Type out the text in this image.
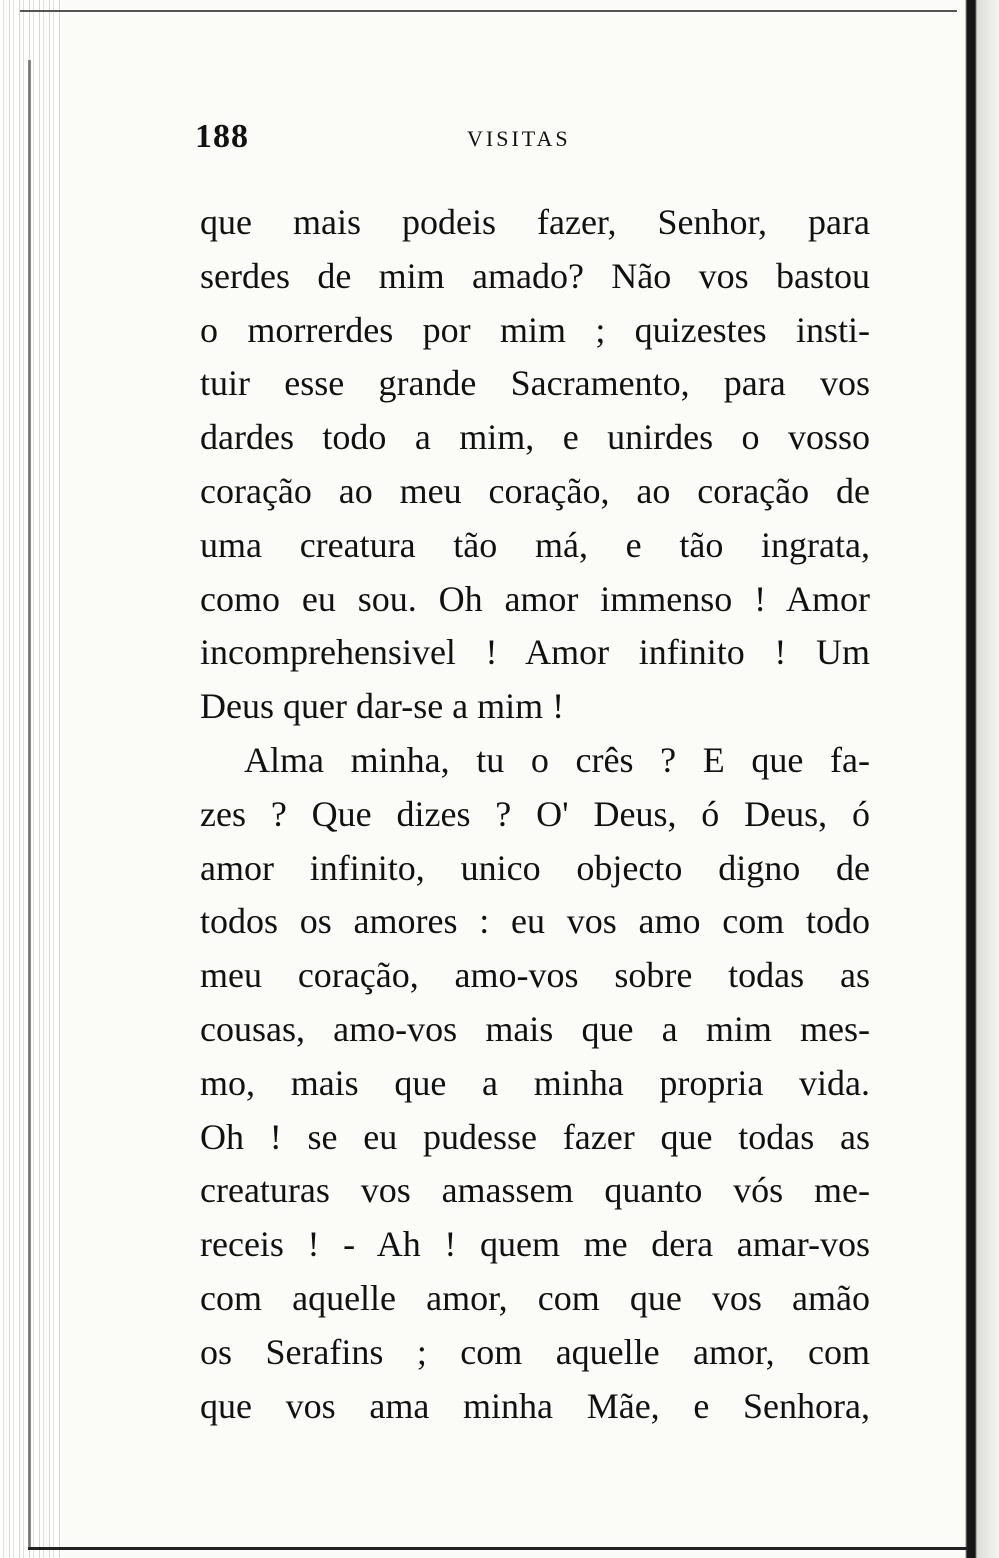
188	VISITAS
que mais podeis fazer, Senhor, para
serdes de mim amado? Não vos bastou
o morrerdes por mim ; quizestes insti-
tuir esse grande Sacramento, para vos
dardes todo a mim, e unirdes o vosso
coração ao meu coração, ao coração de
uma creatura tão má, e tão ingrata,
como eu sou. Oh amor immenso ! Amor
incomprehensivel ! Amor infinito ! Um
Deus quer dar-se a mim !
Alma minha, tu o crês ? E que fa-
zes ? Que dizes ? O' Deus, ó Deus, ó
amor infinito, unico objecto digno de
todos os amores : eu vos amo com todo
meu coração, amo-vos sobre todas as
cousas, amo-vos mais que a mim mes-
mo, mais que a minha propria vida.
Oh ! se eu pudesse fazer que todas as
creaturas vos amassem quanto vós me-
receis ! - Ah ! quem me dera amar-vos
com aquelle amor, com que vos amão
os Serafins ; com aquelle amor, com
que vos ama minha Mãe, e Senhora,
